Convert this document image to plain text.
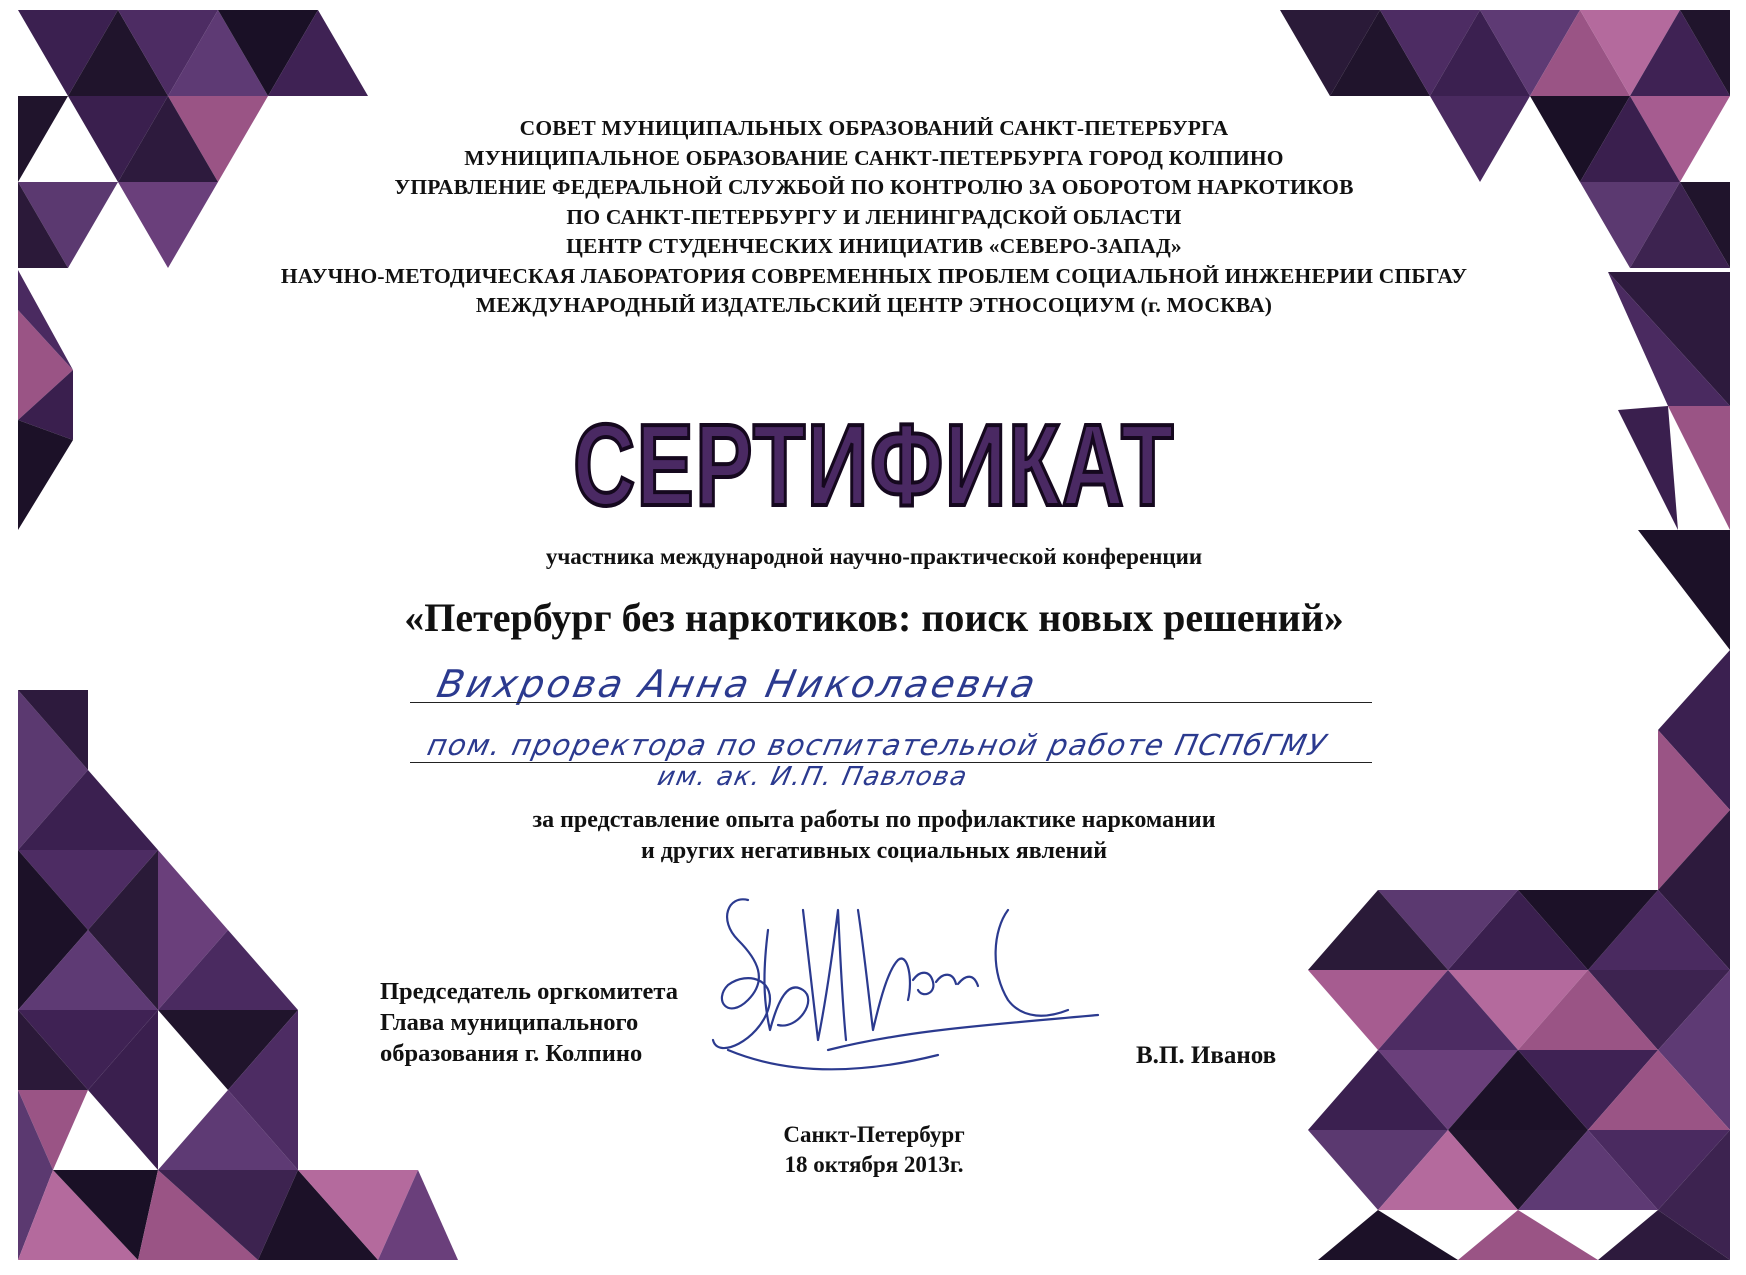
СОВЕТ МУНИЦИПАЛЬНЫХ ОБРАЗОВАНИЙ САНКТ-ПЕТЕРБУРГА
МУНИЦИПАЛЬНОЕ ОБРАЗОВАНИЕ САНКТ-ПЕТЕРБУРГА ГОРОД КОЛПИНО
УПРАВЛЕНИЕ ФЕДЕРАЛЬНОЙ СЛУЖБОЙ ПО КОНТРОЛЮ ЗА ОБОРОТОМ НАРКОТИКОВ
ПО САНКТ-ПЕТЕРБУРГУ И ЛЕНИНГРАДСКОЙ ОБЛАСТИ
ЦЕНТР СТУДЕНЧЕСКИХ ИНИЦИАТИВ «СЕВЕРО-ЗАПАД»
НАУЧНО-МЕТОДИЧЕСКАЯ ЛАБОРАТОРИЯ СОВРЕМЕННЫХ ПРОБЛЕМ СОЦИАЛЬНОЙ ИНЖЕНЕРИИ СПБГАУ
МЕЖДУНАРОДНЫЙ ИЗДАТЕЛЬСКИЙ ЦЕНТР ЭТНОСОЦИУМ (г. МОСКВА)
СЕРТИФИКАТ
участника международной научно-практической конференции
«Петербург без наркотиков: поиск новых решений»
Вихрова Анна Николаевна
пом. проректора по воспитательной работе ПСПбГМУ
им. ак. И.П. Павлова
за представление опыта работы по профилактике наркомании
и других негативных социальных явлений
Председатель оргкомитета
Глава муниципального
образования г. Колпино	В.П. Иванов
Санкт-Петербург
18 октября 2013г.
